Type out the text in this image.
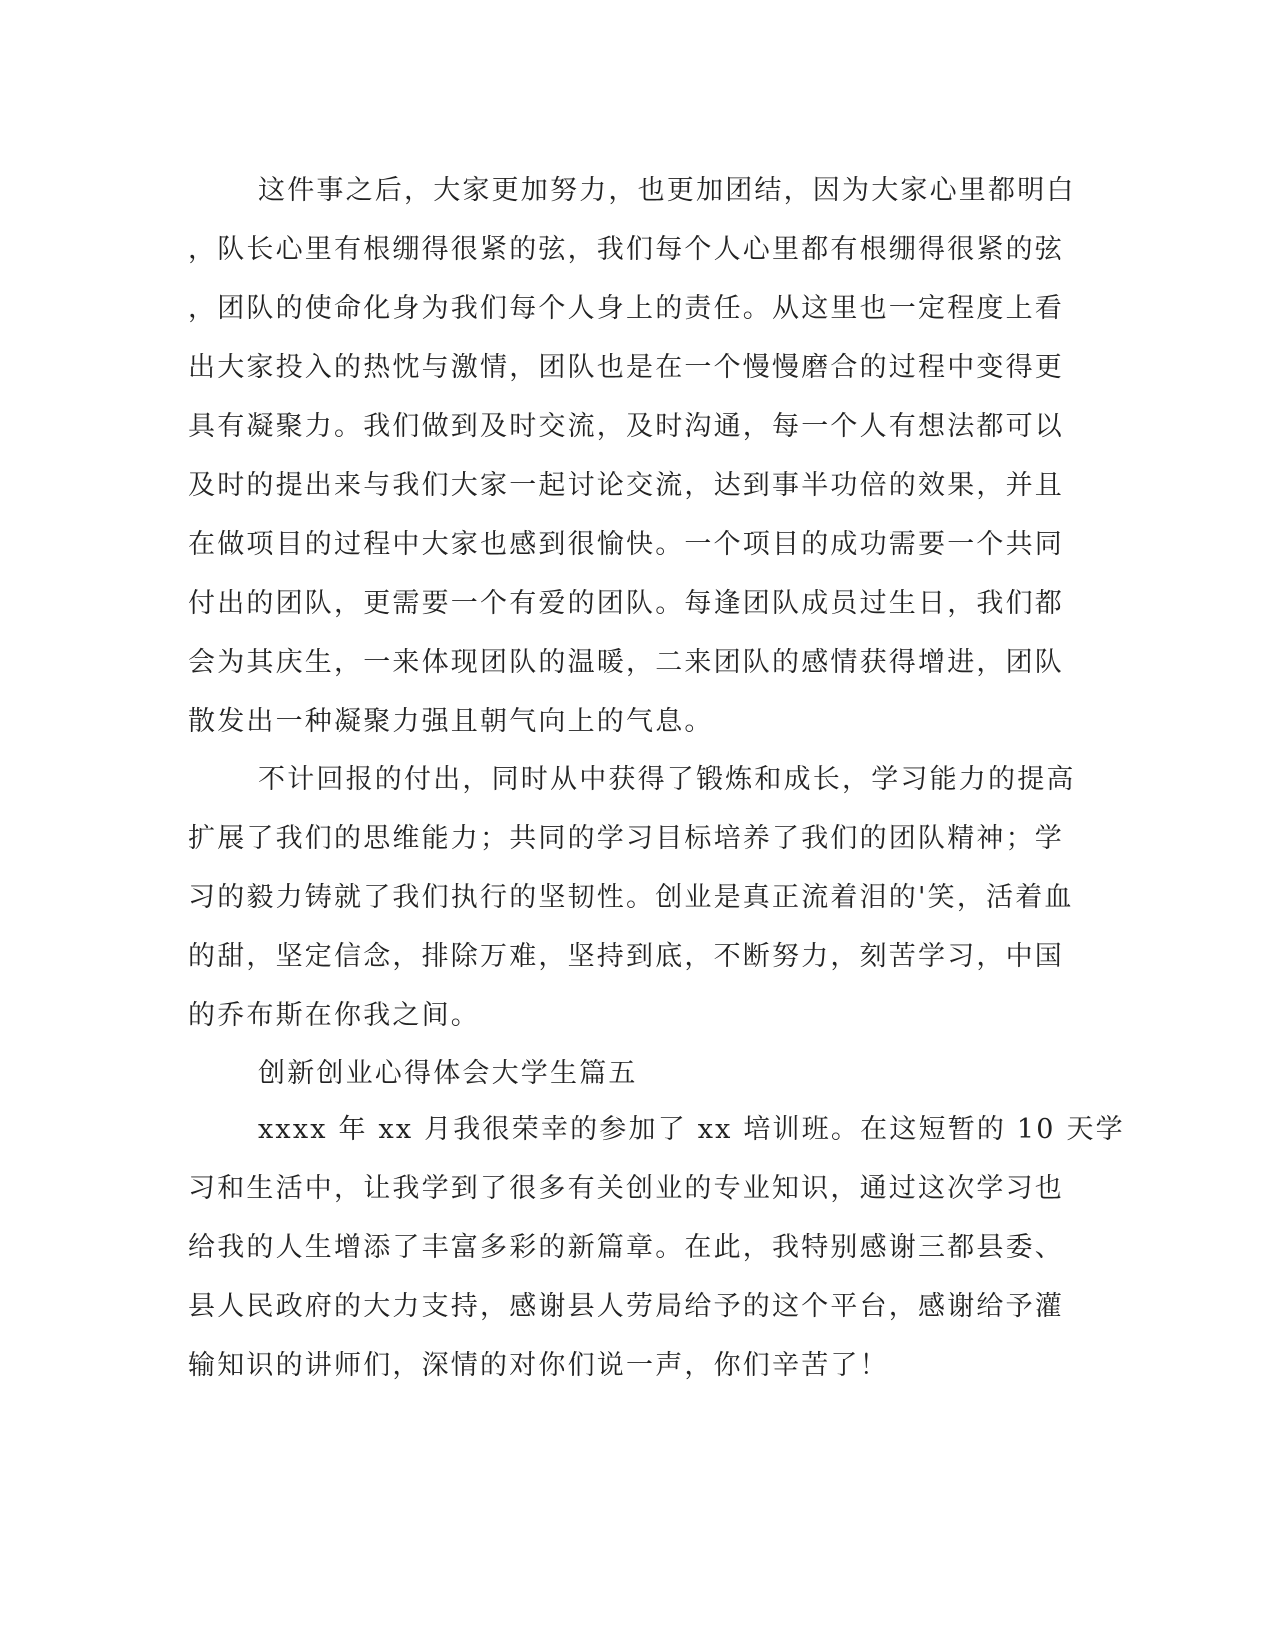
这件事之后，大家更加努力，也更加团结，因为大家心里都明白
，队长心里有根绷得很紧的弦，我们每个人心里都有根绷得很紧的弦
，团队的使命化身为我们每个人身上的责任。从这里也一定程度上看
出大家投入的热忱与激情，团队也是在一个慢慢磨合的过程中变得更
具有凝聚力。我们做到及时交流，及时沟通，每一个人有想法都可以
及时的提出来与我们大家一起讨论交流，达到事半功倍的效果，并且
在做项目的过程中大家也感到很愉快。一个项目的成功需要一个共同
付出的团队，更需要一个有爱的团队。每逢团队成员过生日，我们都
会为其庆生，一来体现团队的温暖，二来团队的感情获得增进，团队
散发出一种凝聚力强且朝气向上的气息。
不计回报的付出，同时从中获得了锻炼和成长，学习能力的提高
扩展了我们的思维能力；共同的学习目标培养了我们的团队精神；学
习的毅力铸就了我们执行的坚韧性。创业是真正流着泪的'笑，活着血
的甜，坚定信念，排除万难，坚持到底，不断努力，刻苦学习，中国
的乔布斯在你我之间。
创新创业心得体会大学生篇五
xxxx 年 xx 月我很荣幸的参加了 xx 培训班。在这短暂的 10 天学
习和生活中，让我学到了很多有关创业的专业知识，通过这次学习也
给我的人生增添了丰富多彩的新篇章。在此，我特别感谢三都县委、
县人民政府的大力支持，感谢县人劳局给予的这个平台，感谢给予灌
输知识的讲师们，深情的对你们说一声，你们辛苦了！
